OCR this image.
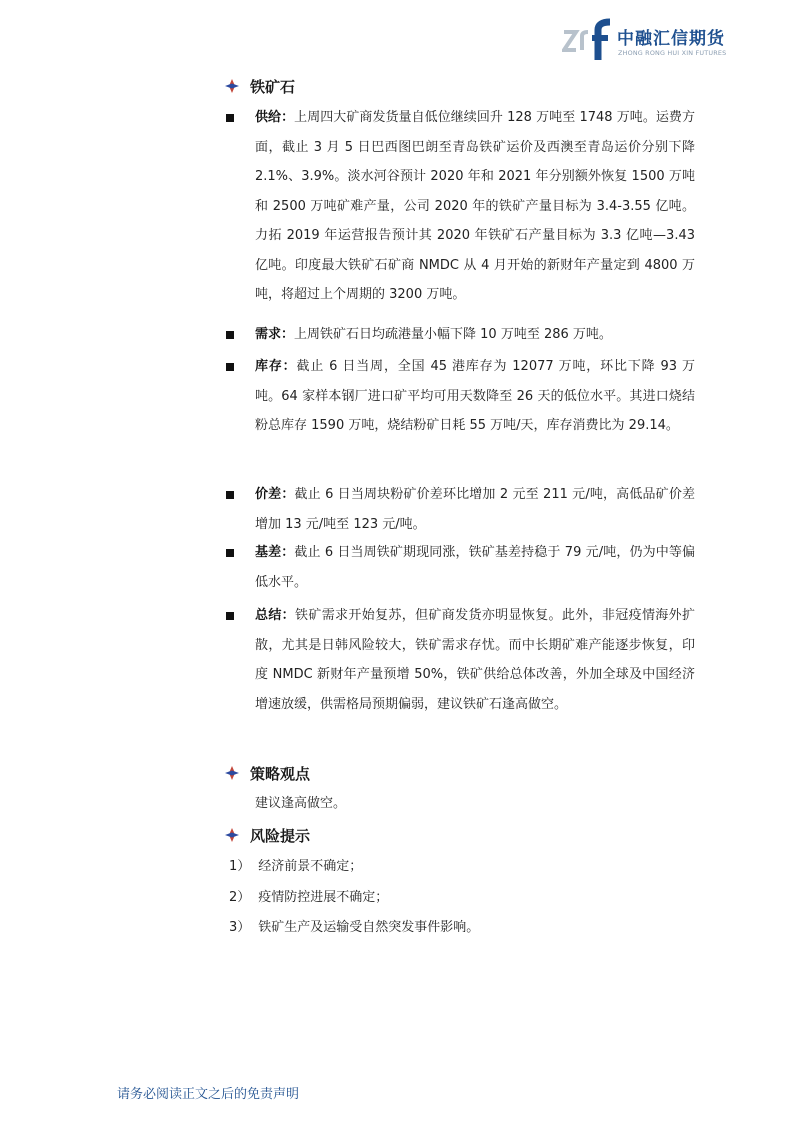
中融汇信期货
ZHONG RONG HUI XIN FUTURES
铁矿石

供给：上周四大矿商发货量自低位继续回升 128 万吨至 1748 万吨。运费方面，截止 3 月 5 日巴西图巴朗至青岛铁矿运价及西澳至青岛运价分别下降 2.1%、3.9%。淡水河谷预计 2020 年和 2021 年分别额外恢复 1500 万吨和 2500 万吨矿难产量，公司 2020 年的铁矿产量目标为 3.4-3.55 亿吨。力拓 2019 年运营报告预计其 2020 年铁矿石产量目标为 3.3 亿吨—3.43 亿吨。印度最大铁矿石矿商 NMDC 从 4 月开始的新财年产量定到 4800 万吨，将超过上个周期的 3200 万吨。

需求：上周铁矿石日均疏港量小幅下降 10 万吨至 286 万吨。

库存：截止 6 日当周，全国 45 港库存为 12077 万吨，环比下降 93 万吨。64 家样本钢厂进口矿平均可用天数降至 26 天的低位水平。其进口烧结粉总库存 1590 万吨，烧结粉矿日耗 55 万吨/天，库存消费比为 29.14。

价差：截止 6 日当周块粉矿价差环比增加 2 元至 211 元/吨，高低品矿价差增加 13 元/吨至 123 元/吨。

基差：截止 6 日当周铁矿期现同涨，铁矿基差持稳于 79 元/吨，仍为中等偏低水平。

总结：铁矿需求开始复苏，但矿商发货亦明显恢复。此外，非冠疫情海外扩散，尤其是日韩风险较大，铁矿需求存忧。而中长期矿难产能逐步恢复，印度 NMDC 新财年产量预增 50%，铁矿供给总体改善，外加全球及中国经济增速放缓，供需格局预期偏弱，建议铁矿石逢高做空。

策略观点
建议逢高做空。
风险提示
1） 经济前景不确定；
2） 疫情防控进展不确定；
3） 铁矿生产及运输受自然突发事件影响。
请务必阅读正文之后的免责声明
